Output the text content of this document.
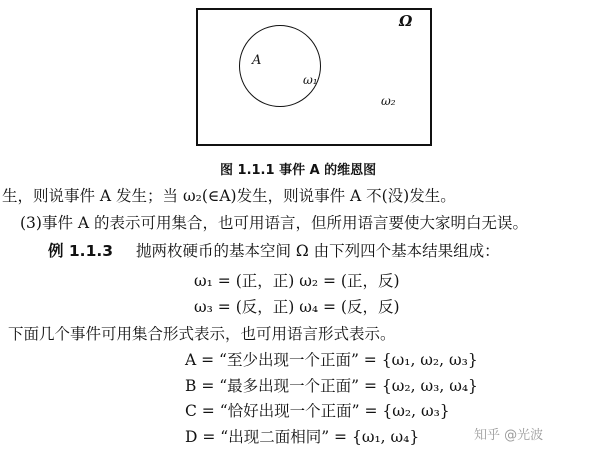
A
Ω
ω₁
ω₂
图 1.1.1 事件 A 的维恩图
生，则说事件 A 发生；当 ω₂(∈A)发生，则说事件 A 不(没)发生。
(3)事件 A 的表示可用集合，也可用语言，但所用语言要使大家明白无误。
例 1.1.3 抛两枚硬币的基本空间 Ω 由下列四个基本结果组成：
ω₁ = (正，正) ω₂ = (正，反)
ω₃ = (反，正) ω₄ = (反，反)
下面几个事件可用集合形式表示，也可用语言形式表示。
A = “至少出现一个正面” = {ω₁, ω₂, ω₃}
B = “最多出现一个正面” = {ω₂, ω₃, ω₄}
C = “恰好出现一个正面” = {ω₂, ω₃}
D = “出现二面相同” = {ω₁, ω₄}	知乎 @光波
